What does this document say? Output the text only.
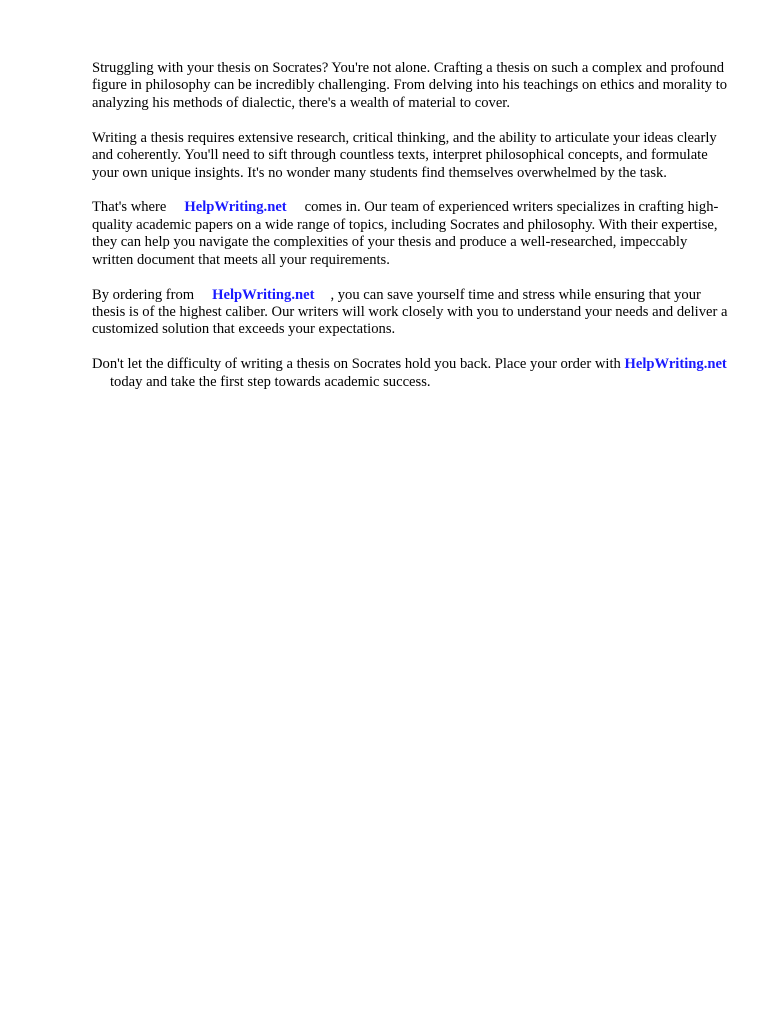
Struggling with your thesis on Socrates? You're not alone. Crafting a thesis on such a complex and profound figure in philosophy can be incredibly challenging. From delving into his teachings on ethics and morality to analyzing his methods of dialectic, there's a wealth of material to cover.

Writing a thesis requires extensive research, critical thinking, and the ability to articulate your ideas clearly and coherently. You'll need to sift through countless texts, interpret philosophical concepts, and formulate your own unique insights. It's no wonder many students find themselves overwhelmed by the task.

That's where HelpWriting.net comes in. Our team of experienced writers specializes in crafting high-quality academic papers on a wide range of topics, including Socrates and philosophy. With their expertise, they can help you navigate the complexities of your thesis and produce a well-researched, impeccably written document that meets all your requirements.

By ordering from HelpWriting.net , you can save yourself time and stress while ensuring that your thesis is of the highest caliber. Our writers will work closely with you to understand your needs and deliver a customized solution that exceeds your expectations.

Don't let the difficulty of writing a thesis on Socrates hold you back. Place your order with HelpWriting.nettoday and take the first step towards academic success.
